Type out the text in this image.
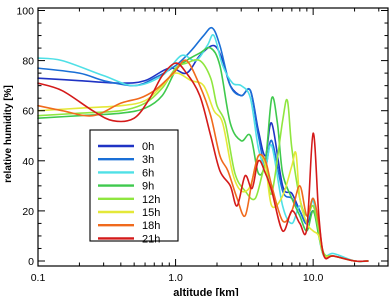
0
20
40
60
80
100
0.1	1.0	10.0
altitude [km]
relative humidity [%]	0h
3h
6h
9h
12h
15h
18h
21h
